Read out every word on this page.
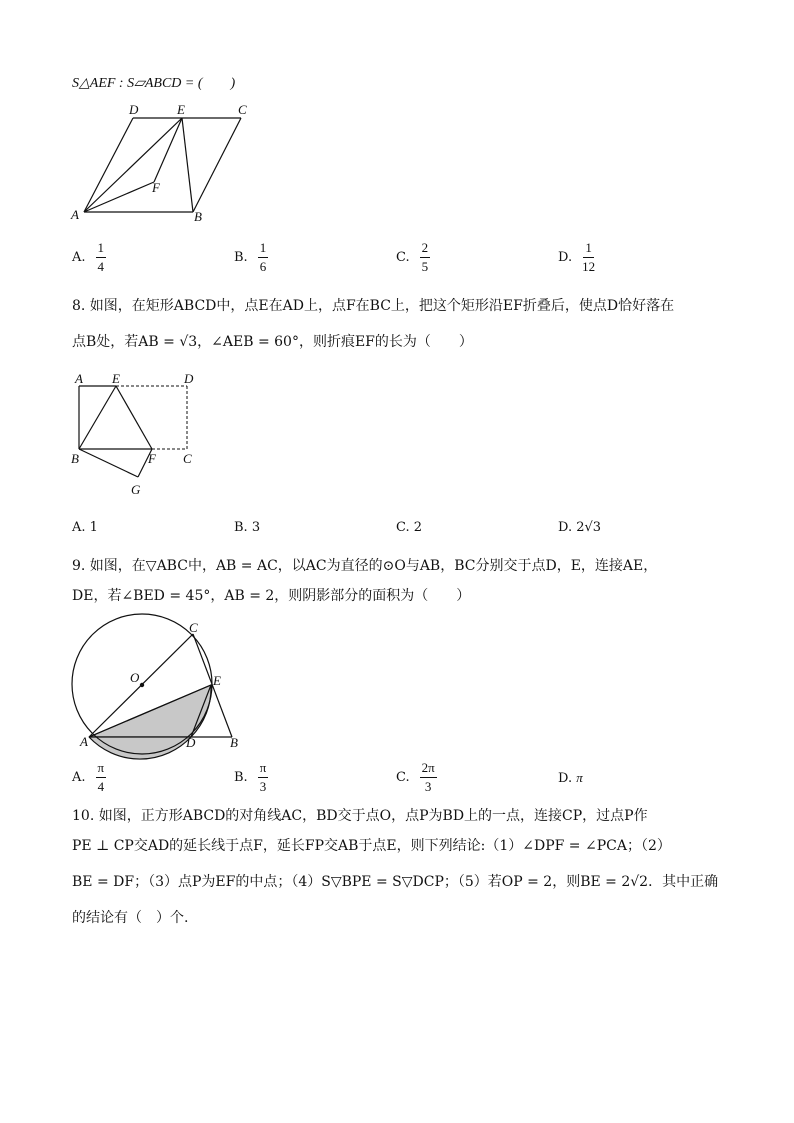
S△AEF : S▱ABCD = (　　)
D	E	C
F
A	B
A. $\frac{1}{4}$	B. $\frac{1}{6}$	C. $\frac{2}{5}$	D. $\frac{1}{12}$
8. 如图，在矩形ABCD中，点E在AD上，点F在BC上，把这个矩形沿EF折叠后，使点D恰好落在
点B处，若AB = √3，∠AEB = 60°，则折痕EF的长为（　　）
A E	D
B	F C
G
A. 1	B. 3	C. 2	D. 2√3
9. 如图，在▽ABC中，AB = AC，以AC为直径的⊙O与AB，BC分别交于点D，E，连接AE，
DE，若∠BED = 45°，AB = 2，则阴影部分的面积为（　　）
C
O	E
A	D	B
A. $\frac{\pi}{4}$	B. $\frac{\pi}{3}$	C. $\frac{2\pi}{3}$	D. π
10. 如图，正方形ABCD的对角线AC，BD交于点O，点P为BD上的一点，连接CP，过点P作
PE ⊥ CP交AD的延长线于点F，延长FP交AB于点E，则下列结论:（1）∠DPF = ∠PCA；（2）
BE = DF；（3）点P为EF的中点；（4）S▽BPE = S▽DCP；（5）若OP = 2，则BE = 2√2．其中正确
的结论有（　）个.
